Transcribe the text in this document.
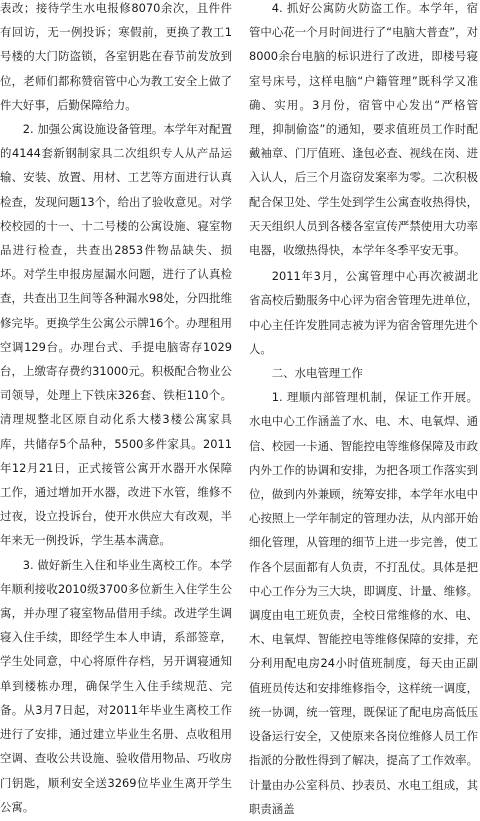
表改；接待学生水电报修8070余次，且件件有回访，无一例投诉；寒假前，更换了教工1号楼的大门防盗锁，各室钥匙在春节前发放到位，老师们都称赞宿管中心为教工安全上做了件大好事，后勤保障给力。

2. 加强公寓设施设备管理。本学年对配置的4144套新钢制家具二次组织专人从产品运输、安装、放置、用材、工艺等方面进行认真检查，发现问题13个，给出了验收意见。对学校校园的十一、十二号楼的公寓设施、寝室物品进行检查，共查出2853件物品缺失、损坏。对学生申报房屋漏水问题，进行了认真检查，共查出卫生间等各种漏水98处，分四批维修完毕。更换学生公寓公示牌16个。办理租用空调129台。办理台式、手提电脑寄存1029台，上缴寄存费约31000元。积极配合物业公司领导，处理上下铁床326套、铁柜110个。清理规整北区原自动化系大楼3楼公寓家具库，共储存5个品种，5500多件家具。2011年12月21日，正式接管公寓开水器开水保障工作，通过增加开水器，改进下水管，维修不过夜，设立投诉台，使开水供应大有改观，半年来无一例投诉，学生基本满意。

3. 做好新生入住和毕业生离校工作。本学年顺利接收2010级3700多位新生入住学生公寓，并办理了寝室物品借用手续。改进学生调寝入住手续，即经学生本人申请，系部签章，学生处同意，中心将原件存档，另开调寝通知单到楼栋办理，确保学生入住手续规范、完备。从3月7日起，对2011年毕业生离校工作进行了安排，通过建立毕业生名册、点收租用空调、查收公共设施、验收借用物品、巧收房门钥匙，顺利安全送3269位毕业生离开学生公寓。

4. 抓好公寓防火防盗工作。本学年，宿管中心花一个月时间进行了“电脑大普查”，对8000余台电脑的标识进行了改进，即楼号寝室号床号，这样电脑“户籍管理”既科学又准确、实用。3月份，宿管中心发出“严格管理，抑制偷盗”的通知，要求值班员工作时配戴袖章、门厅值班、逢包必查、视线在岗、进入认人，后三个月盗窃发案率为零。二次积极配合保卫处、学生处到学生公寓查收热得快，天天组织人员到各楼各室宣传严禁使用大功率电器，收缴热得快，本学年冬季平安无事。

2011年3月，公寓管理中心再次被湖北省高校后勤服务中心评为宿舍管理先进单位，中心主任许发胜同志被为评为宿舍管理先进个人。

二、水电管理工作

1. 理顺内部管理机制，保证工作开展。水电中心工作涵盖了水、电、木、电氧焊、通信、校园一卡通、智能控电等维修保障及市政内外工作的协调和安排，为把各项工作落实到位，做到内外兼顾，统筹安排，本学年水电中心按照上一学年制定的管理办法，从内部开始细化管理，从管理的细节上进一步完善，使工作各个层面都有人负责，不打乱仗。具体是把中心工作分为三大块，即调度、计量、维修。调度由电工班负责，全校日常维修的水、电、木、电氧焊、智能控电等维修保障的安排，充分利用配电房24小时值班制度，每天由正副值班员传达和安排维修指令，这样统一调度，统一协调，统一管理，既保证了配电房高低压设备运行安全，又使原来各岗位维修人员工作指派的分散性得到了解决，提高了工作效率。计量由办公室科员、抄表员、水电工组成，其职责涵盖
